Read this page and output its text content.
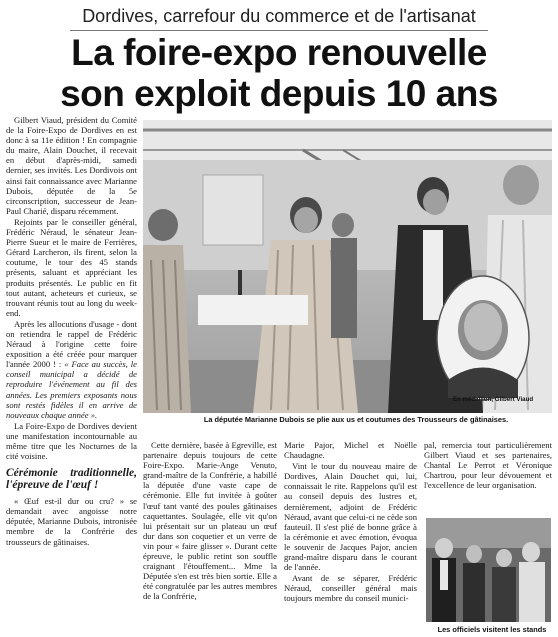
Dordives, carrefour du commerce et de l'artisanat
La foire-expo renouvelle
son exploit depuis 10 ans

Gilbert Viaud, président du Comité de la Foire-Expo de Dordives en est donc à sa 11e édition ! En compagnie du maire, Alain Douchet, il recevait en début d'après-midi, samedi dernier, ses invités. Les Dordivois ont ainsi fait connaissance avec Marianne Dubois, députée de la 5e circonscription, successeur de Jean-Paul Charié, disparu récemment.

Rejoints par le conseiller général, Frédéric Néraud, le sénateur Jean-Pierre Sueur et le maire de Ferrières, Gérard Larcheron, ils firent, selon la coutume, le tour des 45 stands présents, saluant et appréciant les produits présentés. Le public en fit tout autant, acheteurs et curieux, se trouvant réunis tout au long du week-end.

Après les allocutions d'usage - dont on retiendra le rappel de Frédéric Néraud à l'origine cette foire exposition a été créée pour marquer l'année 2000 ! : « Face au succès, le conseil municipal a décidé de reproduire l'événement au fil des années. Les premiers exposants nous sont restés fidèles il en arrive de nouveaux chaque année ».

La Foire-Expo de Dordives devient une manifestation incontournable au même titre que les Nocturnes de la cité voisine.

Cérémonie traditionnelle, l'épreuve de l'œuf !

« Œuf est-il dur ou cru? » se demandait avec angoisse notre députée, Marianne Dubois, intronisée membre de la Confrérie des trousseurs de gâtinaises.

En médaillon, Gilbert Viaud
La députée Marianne Dubois se plie aux us et coutumes des Trousseurs de gâtinaises.

Cette dernière, basée à Egreville, est partenaire depuis toujours de cette Foire-Expo. Marie-Ange Venuto, grand-maître de la Confrérie, a habillé la députée d'une vaste cape de cérémonie. Elle fut invitée à goûter l'œuf tant vanté des poules gâtinaises caquettantes. Soulagée, elle vit qu'on lui présentait sur un plateau un œuf dur dans son coquetier et un verre de vin pour « faire glisser ». Durant cette épreuve, le public retint son souffle craignant l'étouffement... Mme la Députée s'en est très bien sortie. Elle a été congratulée par les autres membres de la Confrérie,

Marie Pajor, Michel et Noëlle Chaudagne.

Vint le tour du nouveau maire de Dordives, Alain Douchet qui, lui, connaissait le rite. Rappelons qu'il est au conseil depuis des lustres et, dernièrement, adjoint de Frédéric Néraud, avant que celui-ci ne cède son fauteuil. Il s'est plié de bonne grâce à la cérémonie et avec émotion, évoqua le souvenir de Jacques Pajor, ancien grand-maître disparu dans le courant de l'année.

Avant de se séparer, Frédéric Néraud, conseiller général mais toujours membre du conseil munici-

pal, remercia tout particulièrement Gilbert Viaud et ses partenaires, Chantal Le Perrot et Véronique Chartrou, pour leur dévouement et l'excellence de leur organisation.

Les officiels visitent les stands
